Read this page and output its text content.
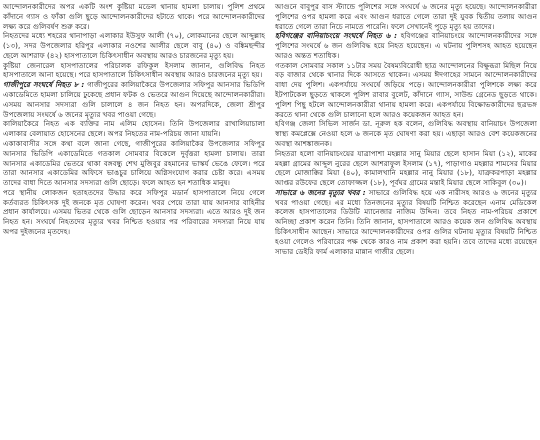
আন্দোলনকারীদের অপর একটি অংশ কুষ্টিয়া মডেল থানায় হামলা চালায়। পুলিশ প্রথমে কাঁদানে গ্যাস ও ফাঁকা গুলি ছুড়ে আন্দোলনকারীদের হটাতে থাকে। পরে আন্দোলনকারীদের লক্ষ্য করে গুলিবর্ষণ শুরু করে।

নিহতদের মধ্যে শহরের থানাপাড়া এলাকার ইউসুফ আলী (৭০), লোকমানের ছেলে আব্দুল্লাহ (১৩), সদর উপজেলার হরিপুর এলাকার নওশের আলীর ছেলে বাবু (৪০) ও বঙ্কিমছন্দীর ছেলে আশরাফ (৪২) হাসপাতালে চিকিৎসাধীন অবস্থায় আরও চারজনের মৃত্যু হয়।

কুষ্টিয়া জেনারেল হাসপাতালের পরিচালক রফিকুল ইসলাম জানান, গুলিবিদ্ধ নিহত হাসপাতালে আনা হয়েছে। পরে হাসপাতালে চিকিৎসাধীন অবস্থায় আরও চারজনের মৃত্যু হয়।

গাজীপুরে সংঘর্ষে নিহত ৮ : গাজীপুরের কালিয়াকৈরে উপজেলার সফিপুর আনসার ভিডিপি একাডেমিতে হামলা চালিয়ে ঢুকেছে প্রধান ফটক ও ভেতরে আগুন দিয়েছে আন্দোলনকারীরা। এসময় আনসার সদস্যরা গুলি চালালে ৪ জন নিহত হন। অপরদিকে, জেলা শ্রীপুর উপজেলায় সংঘর্ষে ৬ জনের মৃত্যুর খবর পাওয়া গেছে।

কালিয়াকৈরে নিহত এক ব্যক্তির নাম এলিম হোসেন। তিনি উপজেলার রাখালিয়াচালা এলাকার বেলায়াত হোসেনের ছেলে। অপর নিহতের নাম-পরিচয় জানা যায়নি।

একাকাবাসীর সঙ্গে কথা বলে জানা গেছে, গাজীপুরের কালিয়াকৈর উপজেলার সফিপুর আনসার ভিডিপি একাডেমিতে গতকাল সোমবার বিকেলে দুর্বৃত্তরা হামলা চালায়। তারা আনসার একাডেমির ভেতরে থাকা বঙ্গবন্ধু শেখ মুজিবুর রহমানের ভাস্কর্য ভেঙে ফেলে। পরে তারা আনসার একাডেমির অফিসে ভাঙচুর চালিয়ে অগ্নিসংযোগ করার চেষ্টা করে। এসময় তাদের বাধা দিতে আনসার সদস্যরা গুলি ছোড়ে। ফলে আহত হন শতাধিক মানুষ।

পরে স্থানীয় লোকজন হতাহতদের উদ্ধার করে সফিপুর মডার্ন হাসপাতালে নিয়ে গেলে কর্তব্যরত চিকিৎসক দুই জনকে মৃত ঘোষণা করেন। খবর পেয়ে তারা যায় আনসার বাহিনীর প্রধান কার্যালয়ে। এসময় ভিতর থেকে গুলি ছোড়েন আনসার সদস্যরা। এতে আরও দুই জন নিহত হন। সংঘর্ষে নিহতদের মৃত্যুর খবর নিশ্চিত হওয়ার পর পরিবারের সদস্যরা নিয়ে যায় অপর দুইজনের মৃতদেহ।

আগুনে বাবুপুর বাস স্ট্যান্ডে পুলিশের সঙ্গে সংঘর্ষে ৬ জনের মৃত্যু হয়েছে। আন্দোলনকারীরা পুলিশের ওপর হামলা করে এবং আগুন ধরাতে গেলে তারা দুই যুবক দ্বিতীয় তলায় আগুন ধরাতে গেলে তারা নিচে নামতে পারেনি। ফলে সেখানেই পুড়ে মৃত্যু হয় তাদের।

হবিগঞ্জের বানিয়াচংয়ে সংঘর্ষে নিহত ৬ : হবিগঞ্জের বানিয়াচংয়ে আন্দোলনকারীদের সঙ্গে পুলিশের সংঘর্ষে ৬ জন গুলিবিদ্ধ হয়ে নিহত হয়েছেন। এ ঘটনায় পুলিশসহ আহত হয়েছেন আরও অন্তত শতাধিক।

গতকাল সোমবার সকাল ১১টার সময় বৈষম্যবিরোধী ছাত্র আন্দোলনের বিক্ষুব্ধরা মিছিল নিয়ে বড় বাজার থেকে থানার দিকে আসতে থাকেন। এসময় ঈদগাহের সামনে আন্দোলনকারীদের বাধা দেয় পুলিশ। একপর্যায়ে সংঘর্ষে জড়িয়ে পড়ে। আন্দোলনকারীরা পুলিশকে লক্ষ্য করে ইটপাটকেল ছুড়তে থাকলে পুলিশ রাবার বুলেট, কাঁদানে গ্যাস, সাউন্ড গ্রেনেড ছুড়তে থাকে। পুলিশ পিছু হটলে আন্দোলনকারীরা থানায় হামলা করে। একপর্যায়ে বিক্ষোভকারীদের ছত্রভঙ্গ করতে থানা থেকে গুলি চালানো হলে আরও কয়েকজন আহত হন।

হবিগঞ্জ জেলা সিভিল সার্জন ডা. নূরুল হক বলেন, গুলিবিদ্ধ অবস্থায় বানিয়াচং উপজেলা স্বাস্থ্য কমপ্লেক্সে নেওয়া হলে ৬ জনকে মৃত ঘোষণা করা হয়। এছাড়া আরও বেশ কয়েকজনের অবস্থা আশঙ্কাজনক।

নিহতরা হলো বানিয়াচংয়ের যাত্রাপাশা মহল্লার সানু মিয়ার ছেলে হাসান মিয়া (১২), মাকের মহল্লা গ্রামের আব্দুল নুরের ছেলে আশরাফুল ইসলাম (১৭), পাড়াগাও মহল্লার শামসের মিয়ার ছেলে মোজাক্কির মিয়া (৪০), কামালখানি মহল্লার নানু মিয়ার (১৮), যাত্রুকরপাড়া মহল্লার আপ্তর রউফের ছেলে তোফাজ্জল (১৮), পূর্বঘর গ্রামের মন্তাই মিয়ার ছেলে সাকিবুল (৩০)।

সাভারে ৬ জনের মৃত্যুর খবর : সাভারে গুলিবিদ্ধ হয়ে এক নারীসহ আরও ৬ জনের মৃত্যুর খবর পাওয়া গেছে। এর মধ্যে তিনজনের মৃত্যুর বিষয়টি নিশ্চিত করেছেন এনাম মেডিকেল কলেজ হাসপাতালের ডিউটি ম্যানেজার নাজিম উদ্দিন। তবে নিহত নাম-পরিচয় প্রকাশে অনিচ্ছা প্রকাশ করেন তিনি। তিনি জানান, হাসপাতালে আরও কয়েক জন গুলিবিদ্ধ অবস্থায় চিকিৎসাধীন আছেন। সাভারে আন্দোলনকারীদের ওপর গুলির ঘটনায় মৃত্যুর বিষয়টি নিশ্চিত হওয়া গেলেও পরিবারের পক্ষ থেকে কারও নাম প্রকাশ করা হয়নি। তবে তাদের মধ্যে রয়েছেন সাভার ডেইরি ফার্ম এলাকার মান্নান গাজীর ছেলে।
